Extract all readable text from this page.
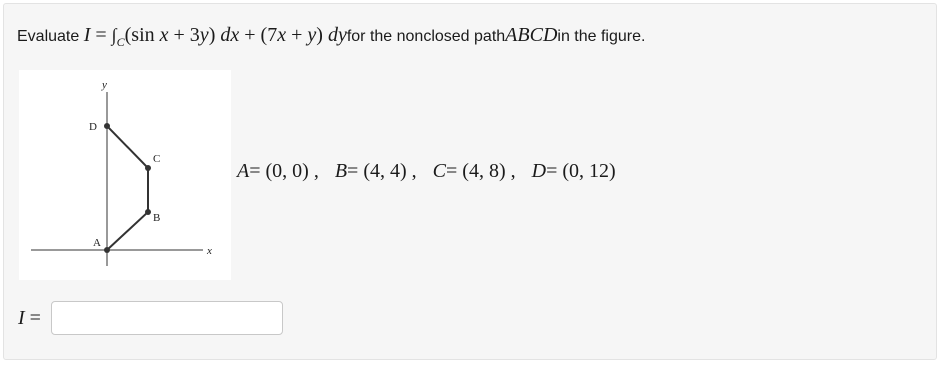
Evaluate
$I = \int_C(\sin$ x + 3y) dx + (7x + y) dy for the nonclosed path ABCD in the figure.
A
B
C
D
x
y
A = (0, 0) , B = (4, 4) , C = (4, 8) , D = (0, 12)
I =
